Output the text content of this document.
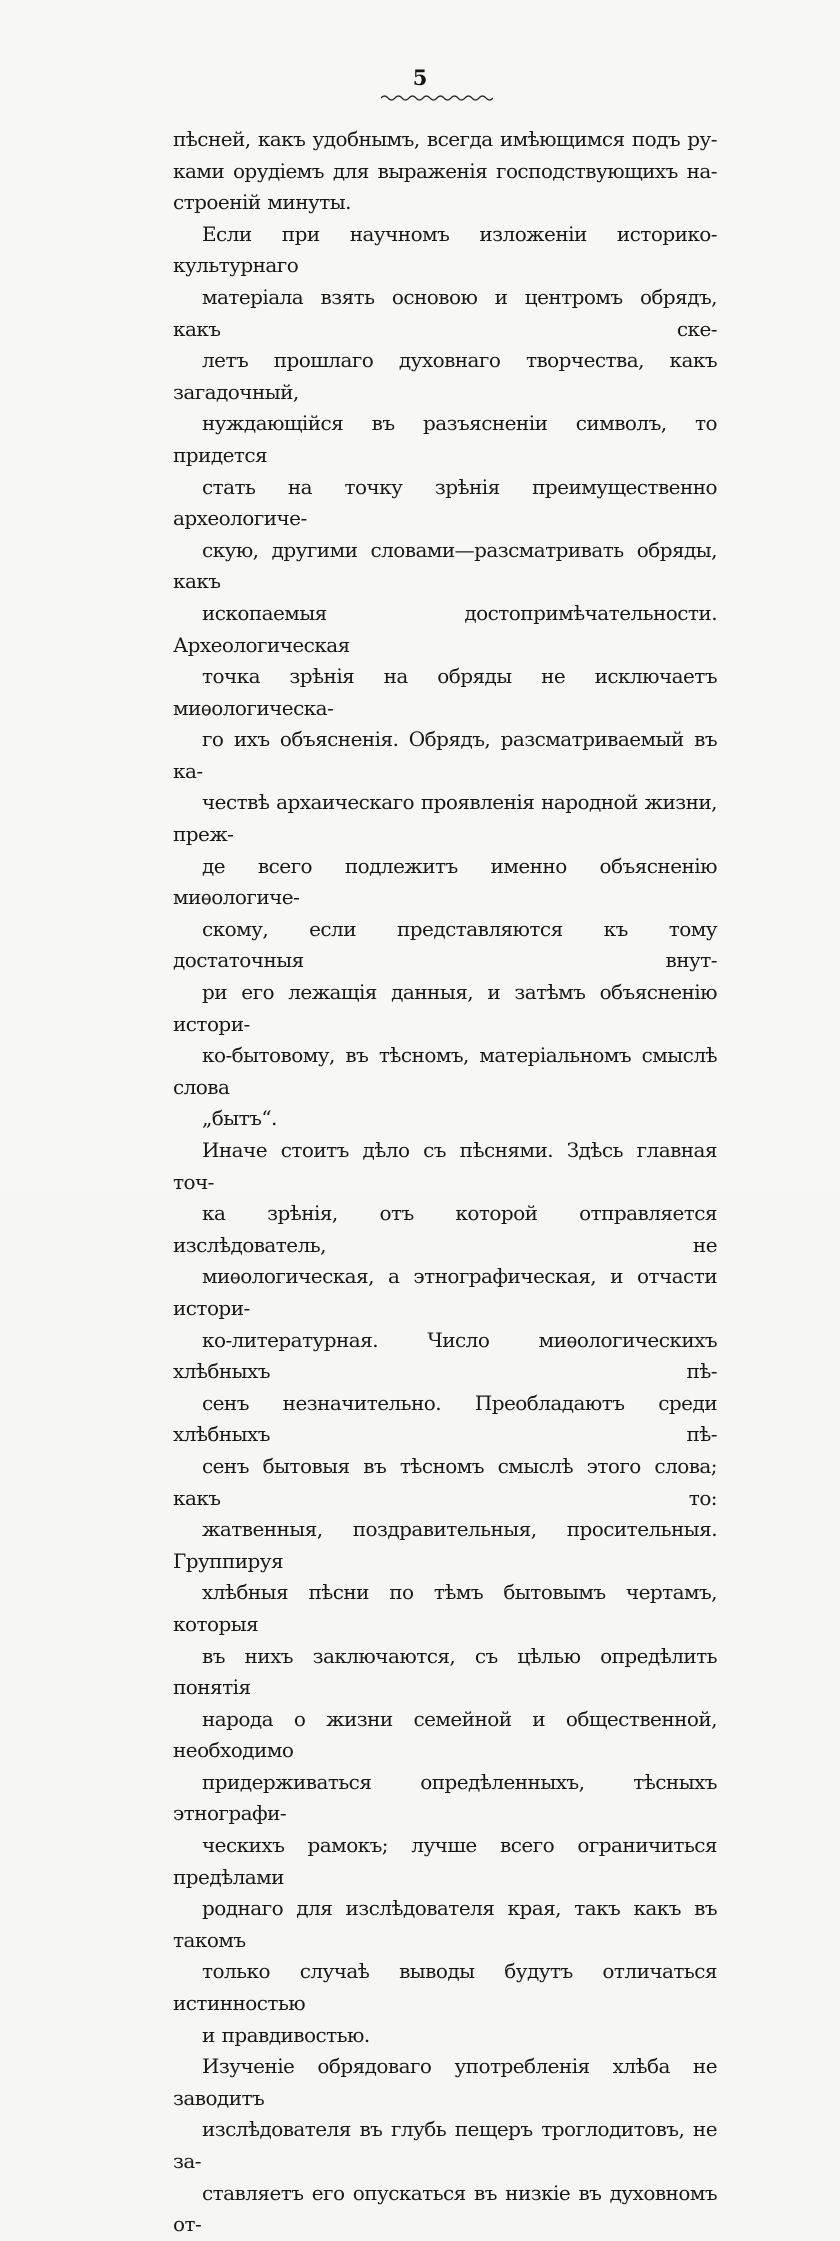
5

пѣсней, какъ удобнымъ, всегда имѣющимся подъ ру-
ками орудіемъ для выраженія господствующихъ на-
строеній минуты.

Если при научномъ изложеніи историко-культурнаго
матеріала взять основою и центромъ обрядъ, какъ ске-
летъ прошлаго духовнаго творчества, какъ загадочный,
нуждающійся въ разъясненіи символъ, то придется
стать на точку зрѣнія преимущественно археологиче-
скую, другими словами—разсматривать обряды, какъ
ископаемыя достопримѣчательности. Археологическая
точка зрѣнія на обряды не исключаетъ миѳологическа-
го ихъ объясненія. Обрядъ, разсматриваемый въ ка-
чествѣ архаическаго проявленія народной жизни, преж-
де всего подлежитъ именно объясненію миѳологиче-
скому, если представляются къ тому достаточныя внут-
ри его лежащія данныя, и затѣмъ объясненію истори-
ко-бытовому, въ тѣсномъ, матеріальномъ смыслѣ слова
„бытъ“.

Иначе стоитъ дѣло съ пѣснями. Здѣсь главная точ-
ка зрѣнія, отъ которой отправляется изслѣдователь, не
миѳологическая, а этнографическая, и отчасти истори-
ко-литературная. Число миѳологическихъ хлѣбныхъ пѣ-
сенъ незначительно. Преобладаютъ среди хлѣбныхъ пѣ-
сенъ бытовыя въ тѣсномъ смыслѣ этого слова; какъ то:
жатвенныя, поздравительныя, просительныя. Группируя
хлѣбныя пѣсни по тѣмъ бытовымъ чертамъ, которыя
въ нихъ заключаются, съ цѣлью опредѣлить понятія
народа о жизни семейной и общественной, необходимо
придерживаться опредѣленныхъ, тѣсныхъ этнографи-
ческихъ рамокъ; лучше всего ограничиться предѣлами
роднаго для изслѣдователя края, такъ какъ въ такомъ
только случаѣ выводы будутъ отличаться истинностью
и правдивостью.

Изученіе обрядоваго употребленія хлѣба не заводитъ
изслѣдователя въ глубь пещеръ троглодитовъ, не за-
ставляетъ его опускаться въ низкіе въ духовномъ от-
